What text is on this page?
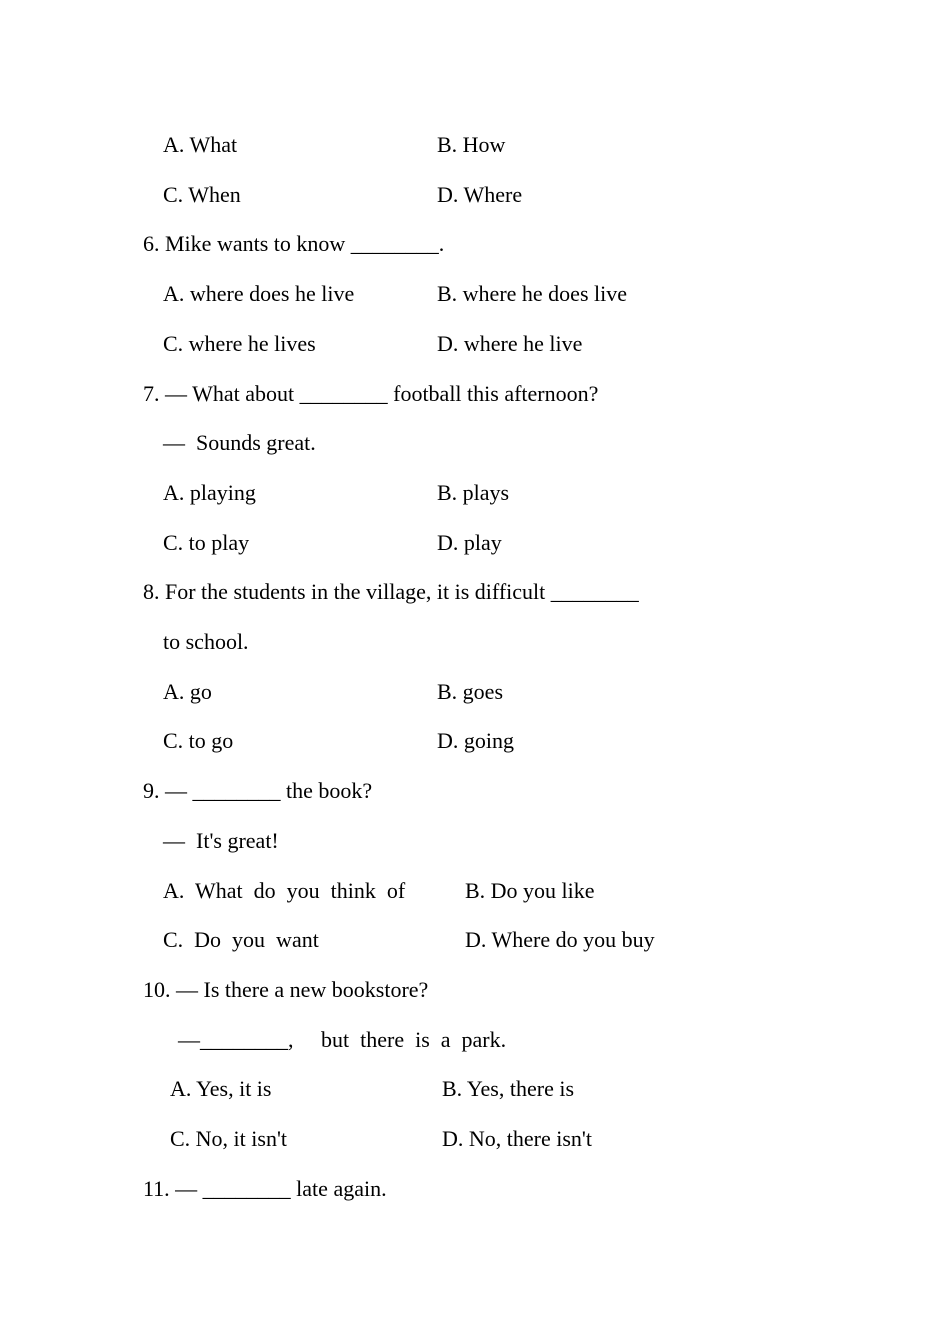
A. What	B. How
C. When	D. Where
6. Mike wants to know ________.
A. where does he live	B. where he does live
C. where he lives	D. where he live
7. — What about ________ football this afternoon?
—  Sounds great.
A. playing	B. plays
C. to play	D. play
8. For the students in the village, it is difficult ________
to school.
A. go	B. goes
C. to go	D. going
9. — ________ the book?
—  It's great!
A.  What  do  you  think  of	B. Do you like
C.  Do  you  want	D. Where do you buy
10. — Is there a new bookstore?
—________,     but  there  is  a  park.
A. Yes, it is	B. Yes, there is
C. No, it isn't	D. No, there isn't
11. — ________ late again.
